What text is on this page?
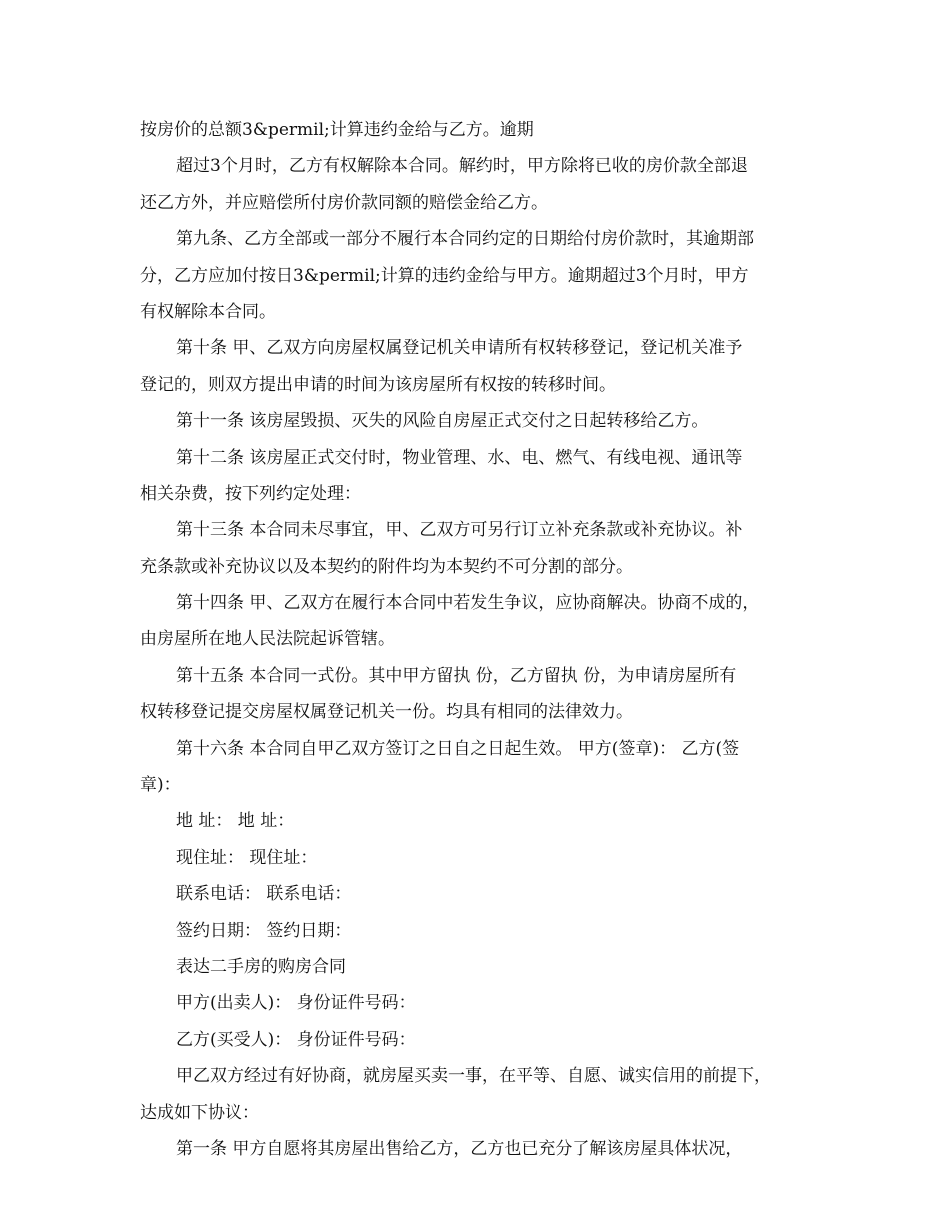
按房价的总额3&permil;计算违约金给与乙方。逾期
超过3个月时，乙方有权解除本合同。解约时，甲方除将已收的房价款全部退
还乙方外，并应赔偿所付房价款同额的赔偿金给乙方。
第九条、乙方全部或一部分不履行本合同约定的日期给付房价款时，其逾期部
分，乙方应加付按日3&permil;计算的违约金给与甲方。逾期超过3个月时，甲方
有权解除本合同。
第十条 甲、乙双方向房屋权属登记机关申请所有权转移登记，登记机关准予
登记的，则双方提出申请的时间为该房屋所有权按的转移时间。
第十一条 该房屋毁损、灭失的风险自房屋正式交付之日起转移给乙方。
第十二条 该房屋正式交付时，物业管理、水、电、燃气、有线电视、通讯等
相关杂费，按下列约定处理：
第十三条 本合同未尽事宜，甲、乙双方可另行订立补充条款或补充协议。补
充条款或补充协议以及本契约的附件均为本契约不可分割的部分。
第十四条 甲、乙双方在履行本合同中若发生争议，应协商解决。协商不成的，
由房屋所在地人民法院起诉管辖。
第十五条 本合同一式份。其中甲方留执 份，乙方留执 份，为申请房屋所有
权转移登记提交房屋权属登记机关一份。均具有相同的法律效力。
第十六条 本合同自甲乙双方签订之日自之日起生效。 甲方(签章)： 乙方(签
章)：
地 址： 地 址：
现住址： 现住址：
联系电话： 联系电话：
签约日期： 签约日期：
表达二手房的购房合同
甲方(出卖人)： 身份证件号码：
乙方(买受人)： 身份证件号码：
甲乙双方经过有好协商，就房屋买卖一事，在平等、自愿、诚实信用的前提下，
达成如下协议：
第一条 甲方自愿将其房屋出售给乙方，乙方也已充分了解该房屋具体状况，
